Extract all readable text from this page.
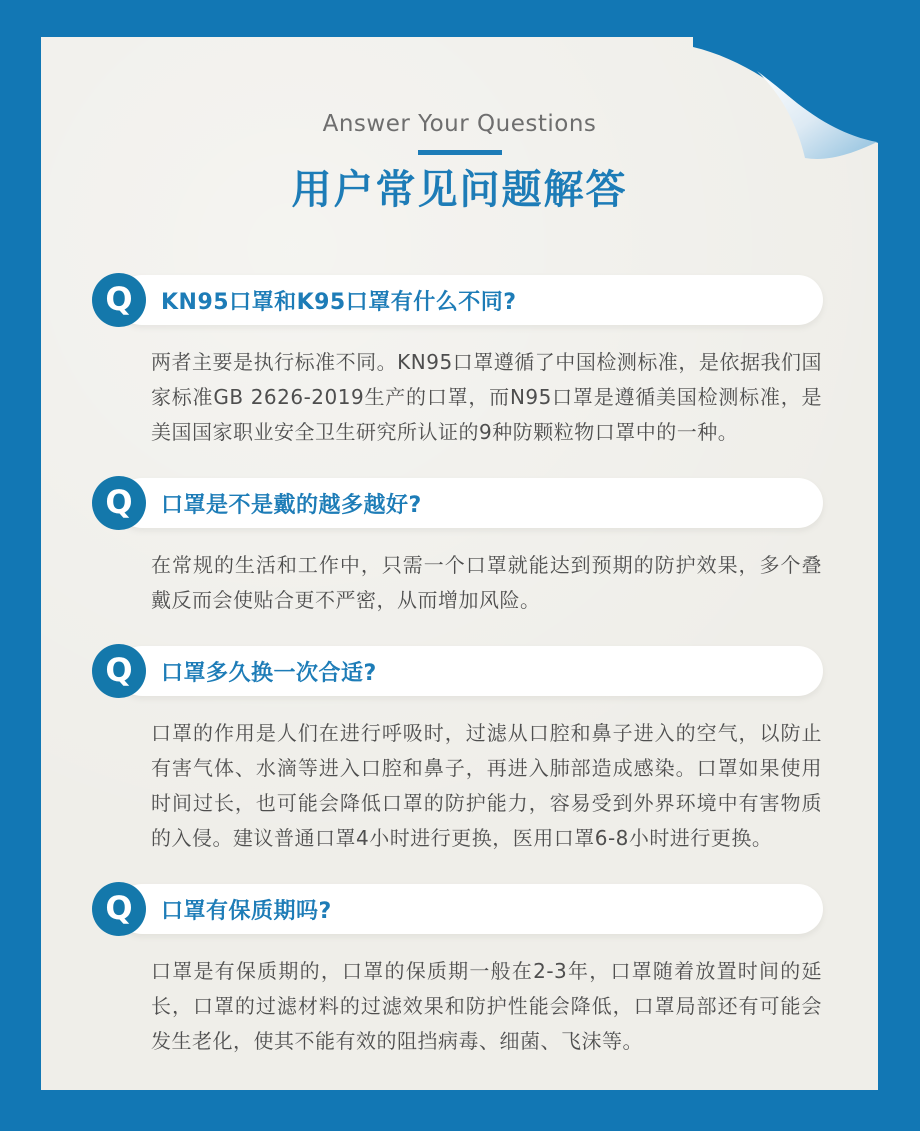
Answer Your Questions
用户常见问题解答
Q	KN95口罩和K95口罩有什么不同?

两者主要是执行标准不同。KN95口罩遵循了中国检测标准，是依据我们国家标准GB 2626-2019生产的口罩，而N95口罩是遵循美国检测标准，是美国国家职业安全卫生研究所认证的9种防颗粒物口罩中的一种。

Q	口罩是不是戴的越多越好?

在常规的生活和工作中，只需一个口罩就能达到预期的防护效果，多个叠戴反而会使贴合更不严密，从而增加风险。

Q	口罩多久换一次合适?

口罩的作用是人们在进行呼吸时，过滤从口腔和鼻子进入的空气，以防止有害气体、水滴等进入口腔和鼻子，再进入肺部造成感染。口罩如果使用时间过长，也可能会降低口罩的防护能力，容易受到外界环境中有害物质的入侵。建议普通口罩4小时进行更换，医用口罩6-8小时进行更换。

Q	口罩有保质期吗?

口罩是有保质期的，口罩的保质期一般在2-3年，口罩随着放置时间的延长，口罩的过滤材料的过滤效果和防护性能会降低，口罩局部还有可能会发生老化，使其不能有效的阻挡病毒、细菌、飞沫等。
